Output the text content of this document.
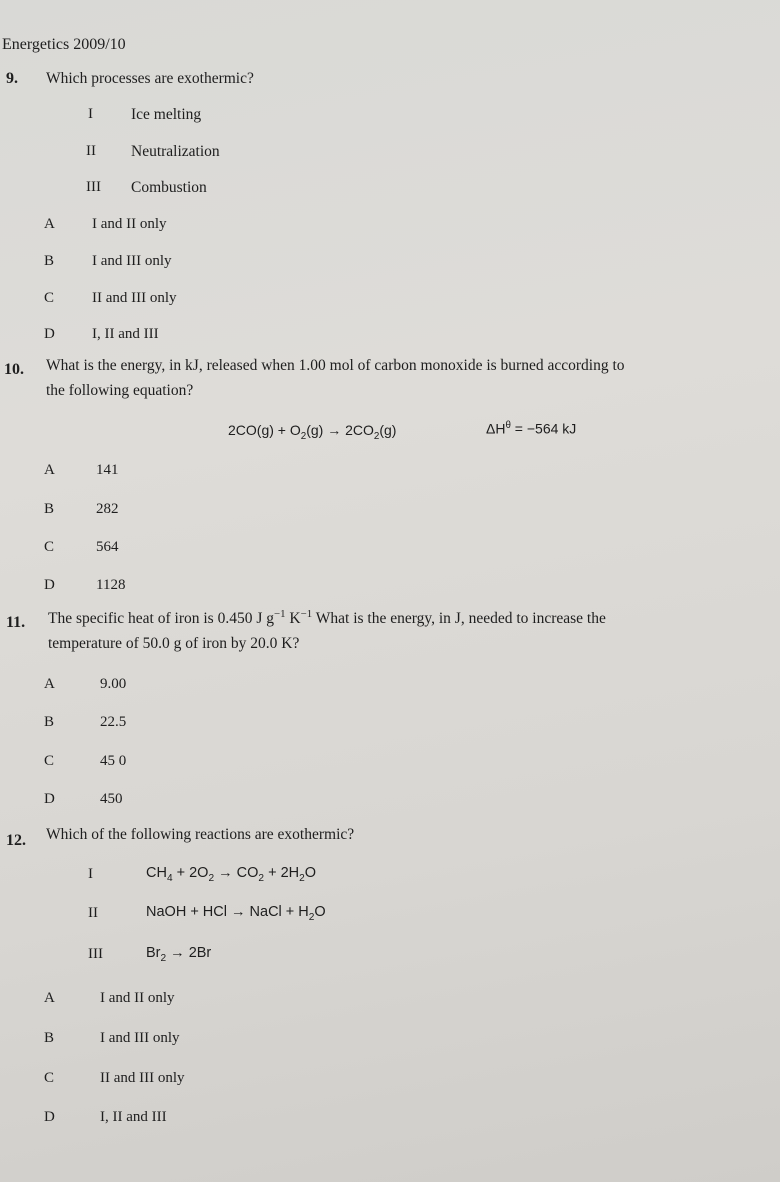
Energetics 2009/10
9. Which processes are exothermic?
I Ice melting
II Neutralization
III Combustion
A I and II only
B	I and III only
C	II and III only
D I, II and III
10. What is the energy, in kJ, released when 1.00 mol of carbon monoxide is burned according to
the following equation?
$2CO(g) + O_2(g) \to 2CO_2(g)$	$\Delta H^\theta = -564$ kJ
A	141
B	282
C	564
D	1128
11. The specific heat of iron is 0.450 J $g^{-1}$ $K^{-1}$ What is the energy, in J, needed to increase the
temperature of 50.0 g of iron by 20.0 K?
A	9.00
B	22.5
C	45 0
D	450
12. Which of the following reactions are exothermic?
I	$CH_4 + 2O_2 \to CO_2 + 2H_2O$
II	NaOH + HCl → NaCl + $H_2O$
III	$Br_2 \to 2Br$
A	I and II only
B	I and III only
C	II and III only
D	I, II and III
